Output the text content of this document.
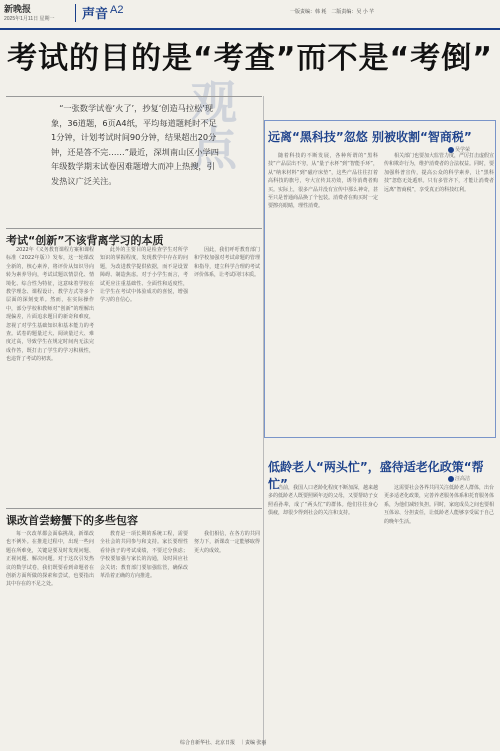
新晚报
2025年1月11日 星期一 声音 A2	一版责编：韩 耗　二版责编：吴 小 芊
考试的目的是“考查”而不是“考倒”
观点

“一张数学试卷‘火了’，抄复‘创造马拉松’现象，36道题，6页A4纸，平均每道题耗时不足1分钟，计划考试时间90分钟，结果超出20分钟，还是答不完……”最近，深圳南山区小学四年级数学期末试卷因难题增大而冲上热搜，引发热议广泛关注。

考试“创新”不该背离学习的本质
2022年《义务教育课程方案和课程标准（2022年版）》发布，这一轮课改全新的，核心素养，将评价从知识导向转为素养导向，考试试题以情景化、情境化、综合性为特征，这意味着学校在教学理念、课程设计、教学方式等多个层面的深刻变革。然而，在实际操作中，部分学校和教师对“创新”的理解出现偏差，片面追求题目的新奇和难度，忽视了对学生基础知识和基本能力的考查。试卷的题量过大、阅读量过大、难度过高，导致学生在规定时间内无法完成作答，既打击了学生的学习积极性，也违背了考试的初衷。
此外的主要目的是检查学生对所学知识的掌握程度，发现教学中存在的问题，为改进教学提供依据，而不是设置障碍、制造焦虑。对于小学生而言，考试更应注重基础性、全面性和适度性，让学生在考试中体验成功的喜悦，增强学习的自信心。
因此，我们呼吁教育部门和学校加强对考试命题的管理和指导，建立科学合理的考试评价体系，让考试回归本质。
课改首尝螃蟹下的多些包容
每一次改革都会面临挑战，新课改也不例外。在推进过程中，出现一些问题在所难免，关键是要及时发现问题、正视问题、解决问题。对于这次引发热议的数学试卷，我们既要看到命题者在创新方面所做的探索和尝试，也要指出其中存在的不足之处。
教育是一项长期的系统工程，需要全社会的共同参与和支持。家长要理性看待孩子的考试成绩，不要过分焦虑；学校要加强与家长的沟通，及时回应社会关切；教育部门要加强监管，确保改革沿着正确的方向推进。
我们相信，在各方的共同努力下，新课改一定能够取得更大的成效。
远离“黑科技”忽悠 别被收割“智商税”
吴学荣
随着科技的不断发展，各种所谓的“黑科技”产品层出不穷，从“量子水杯”到“智能手环”，从“纳米材料”到“磁疗床垫”，这些产品往往打着高科技的旗号，夸大宣传其功效，诱导消费者购买。实际上，很多产品并没有宣传中那么神奇，甚至只是普通商品换了个包装。消费者在购买时一定要擦亮眼睛，理性消费。
相关部门也要加大监管力度，严厉打击虚假宣传和欺诈行为，维护消费者的合法权益。同时，要加强科普宣传，提高公众的科学素养，让“黑科技”忽悠无处遁形。只有多管齐下，才能让消费者远离“智商税”，享受真正的科技红利。
低龄老人“两头忙”，盛待适老化政策“帮忙”	汪高洁
当前，我国人口老龄化程度不断加深，越来越多的低龄老人既要照顾年迈的父母，又要帮助子女照看孙辈，成了“两头忙”的群体。他们往往身心俱疲，却很少得到社会的关注和支持。
这需要社会各界共同关注低龄老人群体，出台更多适老化政策，完善养老服务体系和托育服务体系，为他们减轻负担。同时，家庭成员之间也要相互体谅、分担责任，让低龄老人能够享受属于自己的晚年生活。
综合自新华社、北京日报　｜责编 张丽
